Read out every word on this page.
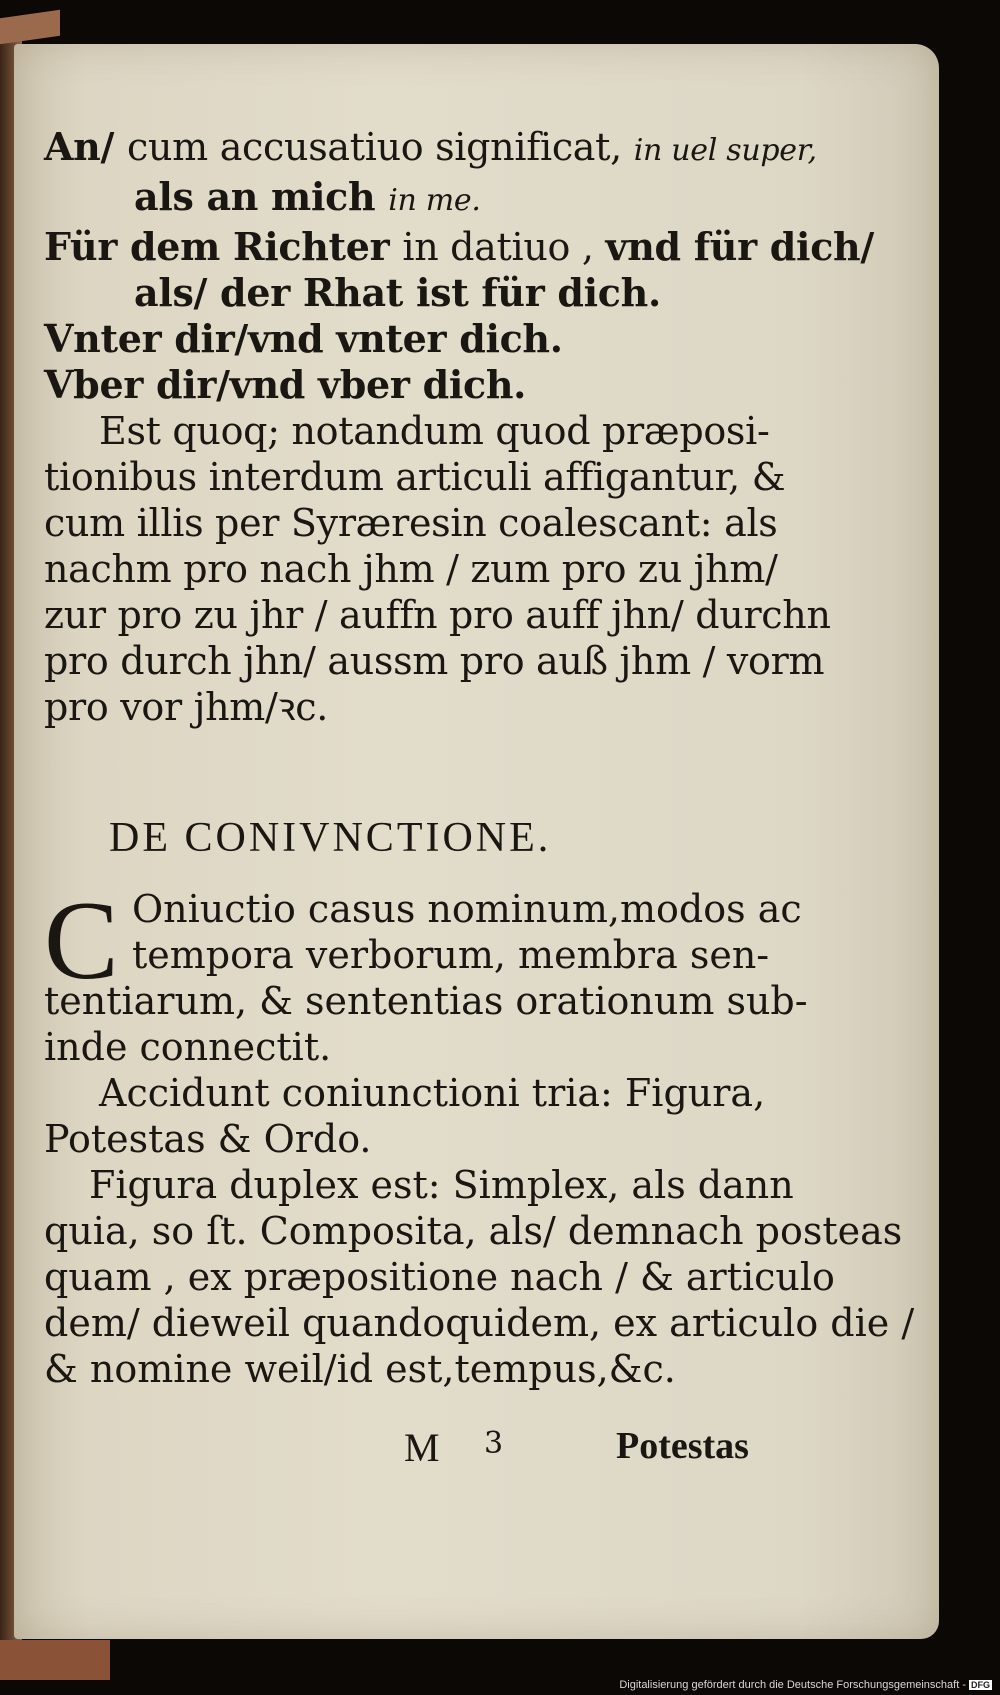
An/ cum accusatiuo significat, in uel super,
als an mich in me.
Für dem Richter in datiuo , vnd für dich/
als/ der Rhat ist für dich.
Vnter dir/vnd vnter dich.
Vber dir/vnd vber dich.
Est quoq; notandum quod præposi-
tionibus interdum articuli affigantur, &
cum illis per Syræresin coalescant: als
nachm pro nach jhm / zum pro zu jhm/
zur pro zu jhr / auffn pro auff jhn/ durchn
pro durch jhn/ aussm pro auß jhm / vorm
pro vor jhm/ꝛc.
DE CONIVNCTIONE.
C Oniuctio casus nominum,modos ac
tempora verborum, membra sen-
tentiarum, & sententias orationum sub-
inde connectit.
Accidunt coniunctioni tria: Figura,
Potestas & Ordo.
Figura duplex est: Simplex, als dann
quia, so ſt. Composita, als/ demnach posteas
quam , ex præpositione nach / & articulo
dem/ dieweil quandoquidem, ex articulo die /
& nomine weil/id est,tempus,&c.
M 3	Potestas
Digitalisierung gefördert durch die Deutsche Forschungsgemeinschaft - DFG
